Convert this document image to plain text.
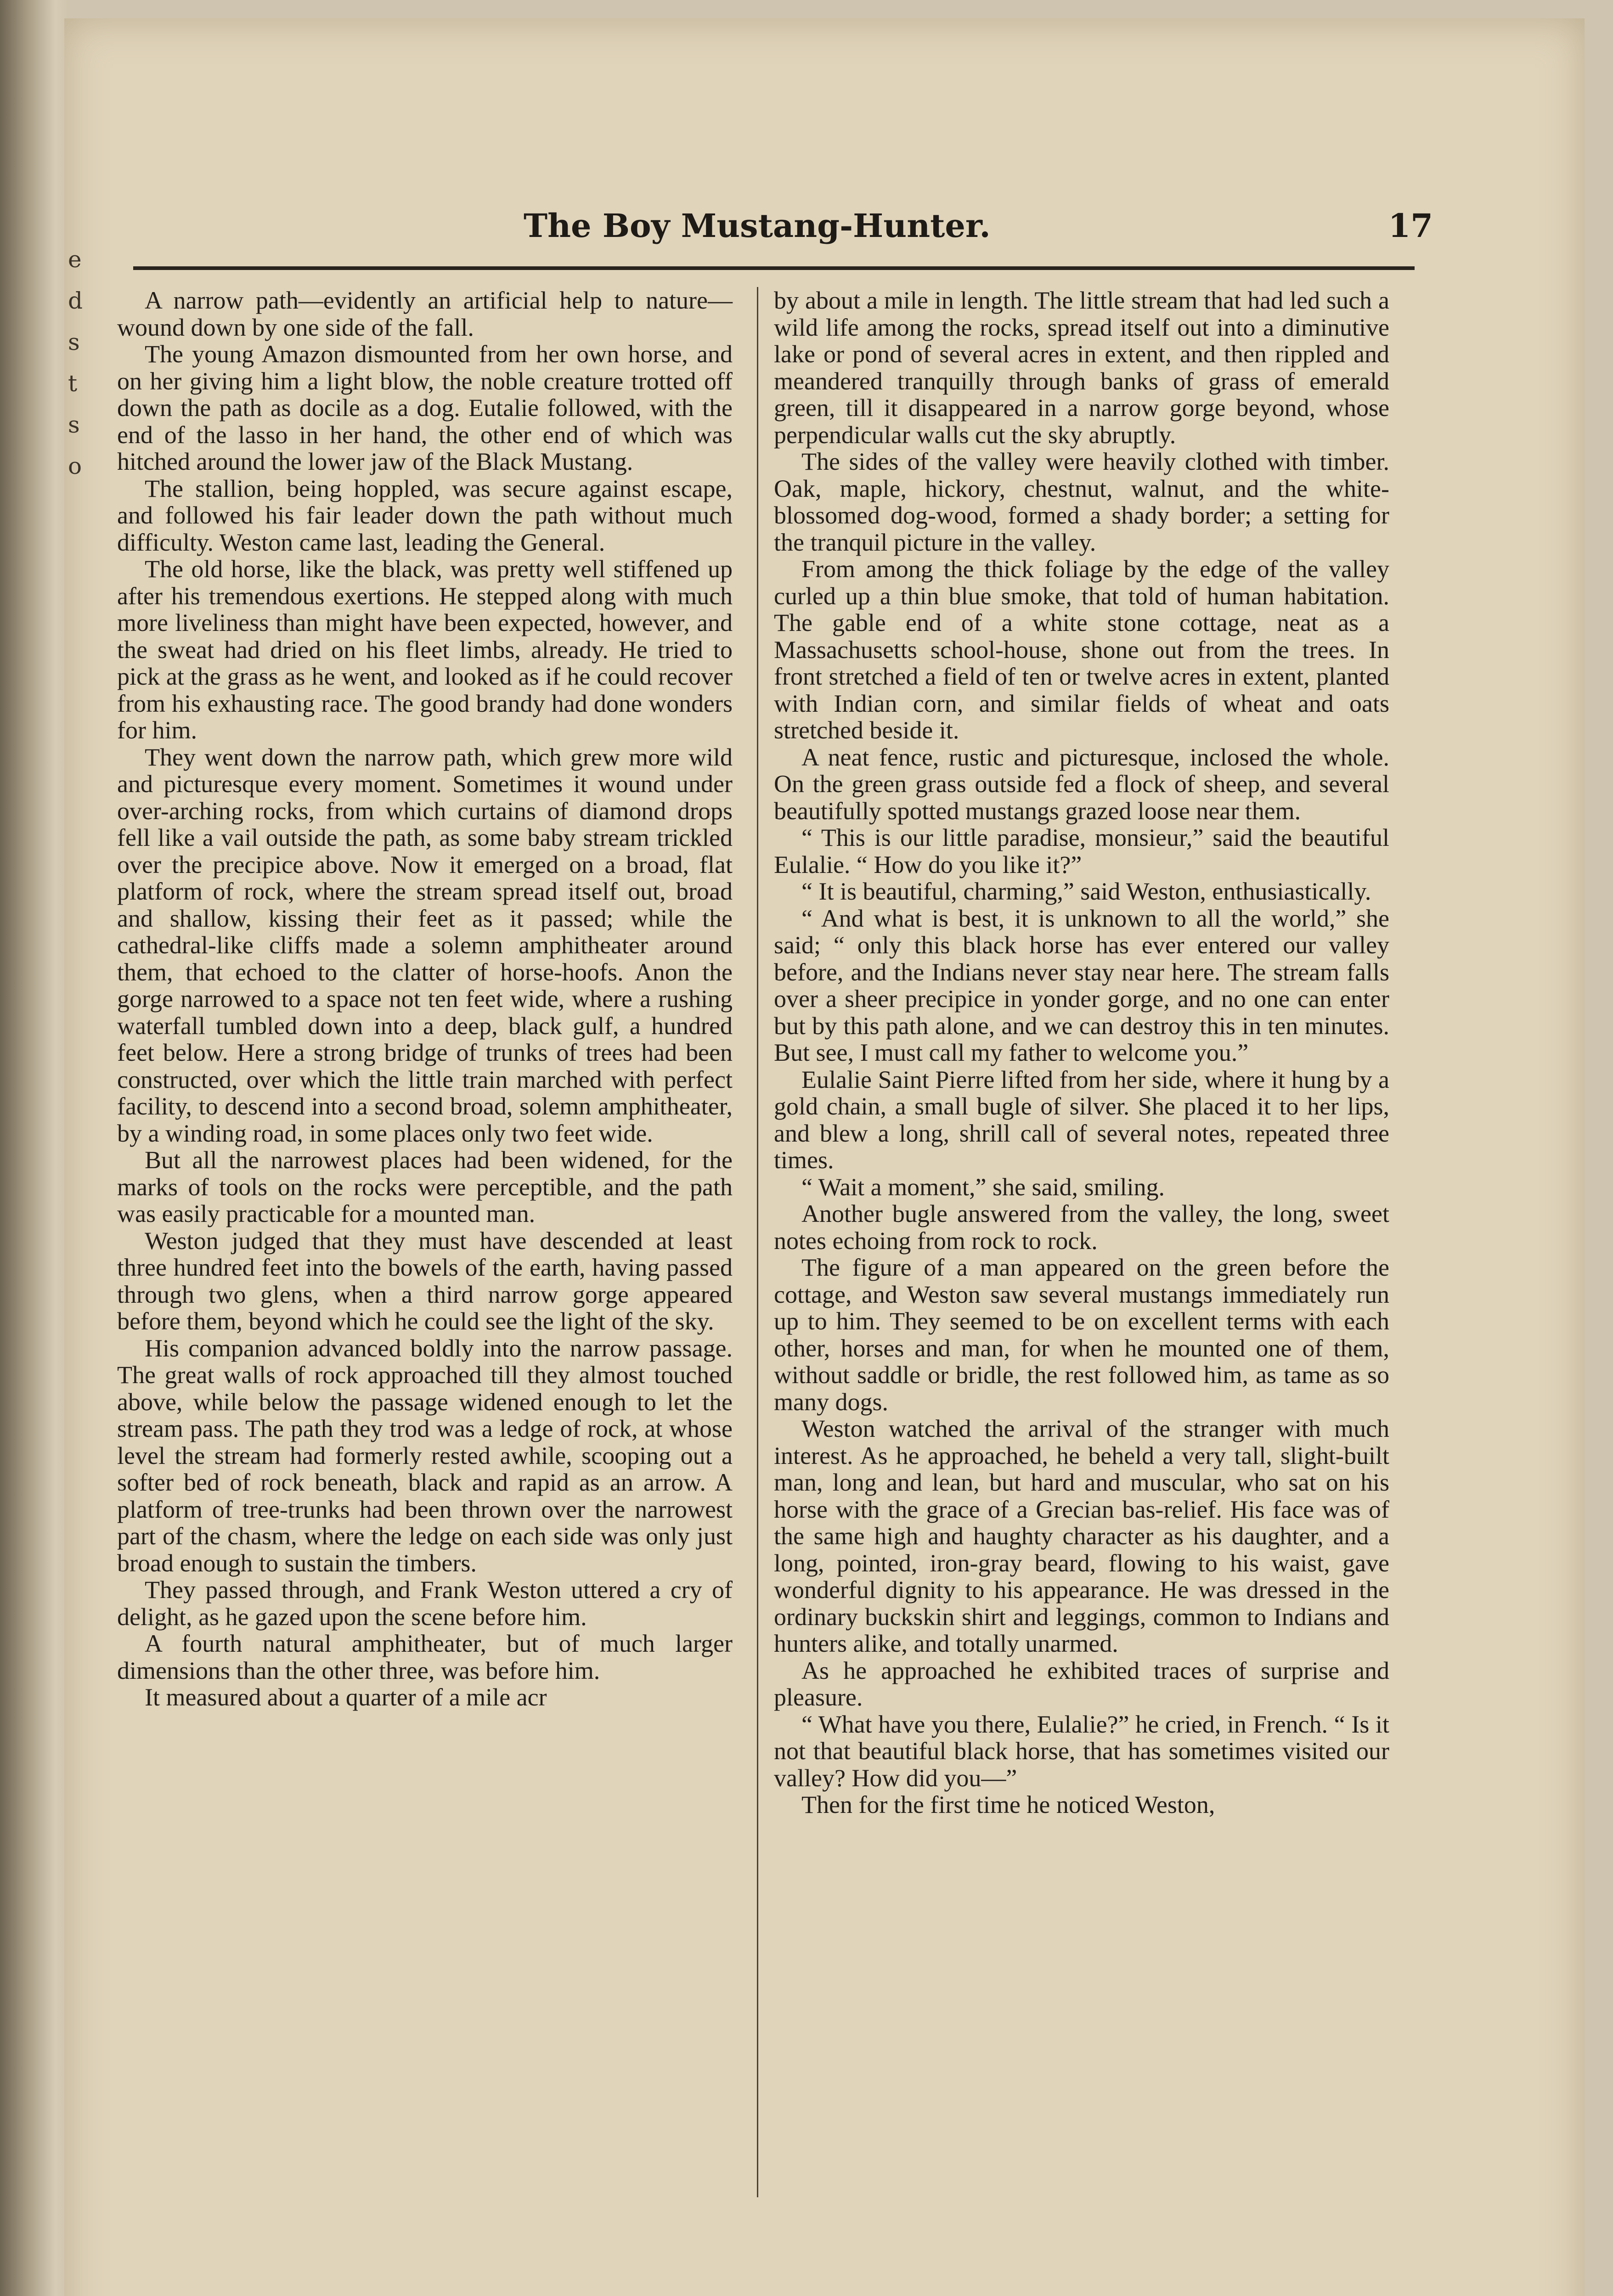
e
d
s
t
s
o
The Boy Mustang-Hunter.	17

A narrow path—evidently an artificial help to nature—wound down by one side of the fall.

The young Amazon dismounted from her own horse, and on her giving him a light blow, the noble creature trotted off down the path as docile as a dog. Eutalie followed, with the end of the lasso in her hand, the other end of which was hitched around the lower jaw of the Black Mustang.

The stallion, being hoppled, was secure against escape, and followed his fair leader down the path without much difficulty. Weston came last, leading the General.

The old horse, like the black, was pretty well stiffened up after his tremendous exertions. He stepped along with much more liveliness than might have been expected, however, and the sweat had dried on his fleet limbs, already. He tried to pick at the grass as he went, and looked as if he could recover from his exhausting race. The good brandy had done wonders for him.

They went down the narrow path, which grew more wild and picturesque every moment. Sometimes it wound under over-arching rocks, from which curtains of diamond drops fell like a vail outside the path, as some baby stream trickled over the precipice above. Now it emerged on a broad, flat platform of rock, where the stream spread itself out, broad and shallow, kissing their feet as it passed; while the cathedral-like cliffs made a solemn amphitheater around them, that echoed to the clatter of horse-hoofs. Anon the gorge narrowed to a space not ten feet wide, where a rushing waterfall tumbled down into a deep, black gulf, a hundred feet below. Here a strong bridge of trunks of trees had been constructed, over which the little train marched with perfect facility, to descend into a second broad, solemn amphitheater, by a winding road, in some places only two feet wide.

But all the narrowest places had been widened, for the marks of tools on the rocks were perceptible, and the path was easily practicable for a mounted man.

Weston judged that they must have descended at least three hundred feet into the bowels of the earth, having passed through two glens, when a third narrow gorge appeared before them, beyond which he could see the light of the sky.

His companion advanced boldly into the narrow passage. The great walls of rock approached till they almost touched above, while below the passage widened enough to let the stream pass. The path they trod was a ledge of rock, at whose level the stream had formerly rested awhile, scooping out a softer bed of rock beneath, black and rapid as an arrow. A platform of tree-trunks had been thrown over the narrowest part of the chasm, where the ledge on each side was only just broad enough to sustain the timbers.

They passed through, and Frank Weston uttered a cry of delight, as he gazed upon the scene before him.

A fourth natural amphitheater, but of much larger dimensions than the other three, was before him.

It measured about a quarter of a mile acr

by about a mile in length. The little stream that had led such a wild life among the rocks, spread itself out into a diminutive lake or pond of several acres in extent, and then rippled and meandered tranquilly through banks of grass of emerald green, till it disappeared in a narrow gorge beyond, whose perpendicular walls cut the sky abruptly.

The sides of the valley were heavily clothed with timber. Oak, maple, hickory, chestnut, walnut, and the white-blossomed dog-wood, formed a shady border; a setting for the tranquil picture in the valley.

From among the thick foliage by the edge of the valley curled up a thin blue smoke, that told of human habitation. The gable end of a white stone cottage, neat as a Massachusetts school-house, shone out from the trees. In front stretched a field of ten or twelve acres in extent, planted with Indian corn, and similar fields of wheat and oats stretched beside it.

A neat fence, rustic and picturesque, inclosed the whole. On the green grass outside fed a flock of sheep, and several beautifully spotted mustangs grazed loose near them.

“ This is our little paradise, monsieur,” said the beautiful Eulalie. “ How do you like it?”

“ It is beautiful, charming,” said Weston, enthusiastically.

“ And what is best, it is unknown to all the world,” she said; “ only this black horse has ever entered our valley before, and the Indians never stay near here. The stream falls over a sheer precipice in yonder gorge, and no one can enter but by this path alone, and we can destroy this in ten minutes. But see, I must call my father to welcome you.”

Eulalie Saint Pierre lifted from her side, where it hung by a gold chain, a small bugle of silver. She placed it to her lips, and blew a long, shrill call of several notes, repeated three times.

“ Wait a moment,” she said, smiling.

Another bugle answered from the valley, the long, sweet notes echoing from rock to rock.

The figure of a man appeared on the green before the cottage, and Weston saw several mustangs immediately run up to him. They seemed to be on excellent terms with each other, horses and man, for when he mounted one of them, without saddle or bridle, the rest followed him, as tame as so many dogs.

Weston watched the arrival of the stranger with much interest. As he approached, he beheld a very tall, slight-built man, long and lean, but hard and muscular, who sat on his horse with the grace of a Grecian bas-relief. His face was of the same high and haughty character as his daughter, and a long, pointed, iron-gray beard, flowing to his waist, gave wonderful dignity to his appearance. He was dressed in the ordinary buckskin shirt and leggings, common to Indians and hunters alike, and totally unarmed.

As he approached he exhibited traces of surprise and pleasure.

“ What have you there, Eulalie?” he cried, in French. “ Is it not that beautiful black horse, that has sometimes visited our valley? How did you—”

Then for the first time he noticed Weston,
